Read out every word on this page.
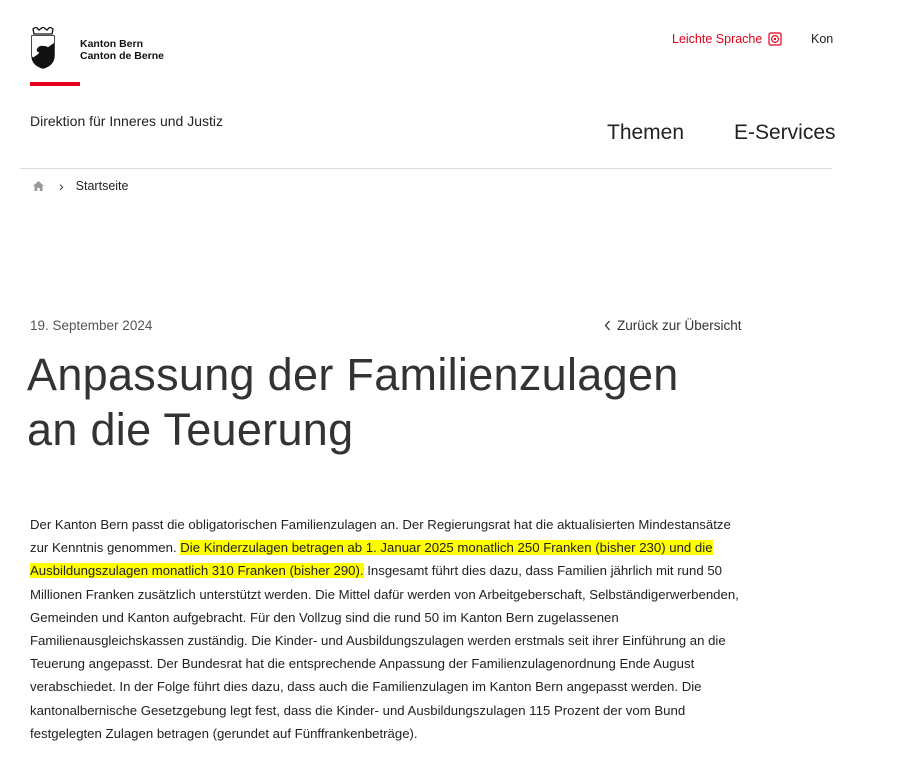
Kanton Bern
Canton de Berne
Leichte Sprache	Kon
Direktion für Inneres und Justiz	Themen E-Services
› Startseite
19. September 2024	Zurück zur Übersicht
Anpassung der Familienzulagen
an die Teuerung

Der Kanton Bern passt die obligatorischen Familienzulagen an. Der Regierungsrat hat die aktualisierten Mindestansätze zur Kenntnis genommen. Die Kinderzulagen betragen ab 1. Januar 2025 monatlich 250 Franken (bisher 230) und die Ausbildungszulagen monatlich 310 Franken (bisher 290). Insgesamt führt dies dazu, dass Familien jährlich mit rund 50 Millionen Franken zusätzlich unterstützt werden. Die Mittel dafür werden von Arbeitgeberschaft, Selbständigerwerbenden, Gemeinden und Kanton aufgebracht. Für den Vollzug sind die rund 50 im Kanton Bern zugelassenen Familienausgleichskassen zuständig. Die Kinder- und Ausbildungszulagen werden erstmals seit ihrer Einführung an die Teuerung angepasst. Der Bundesrat hat die entsprechende Anpassung der Familienzulagenordnung Ende August verabschiedet. In der Folge führt dies dazu, dass auch die Familienzulagen im Kanton Bern angepasst werden. Die kantonalbernische Gesetzgebung legt fest, dass die Kinder- und Ausbildungszulagen 115 Prozent der vom Bund festgelegten Zulagen betragen (gerundet auf Fünffrankenbeträge).
